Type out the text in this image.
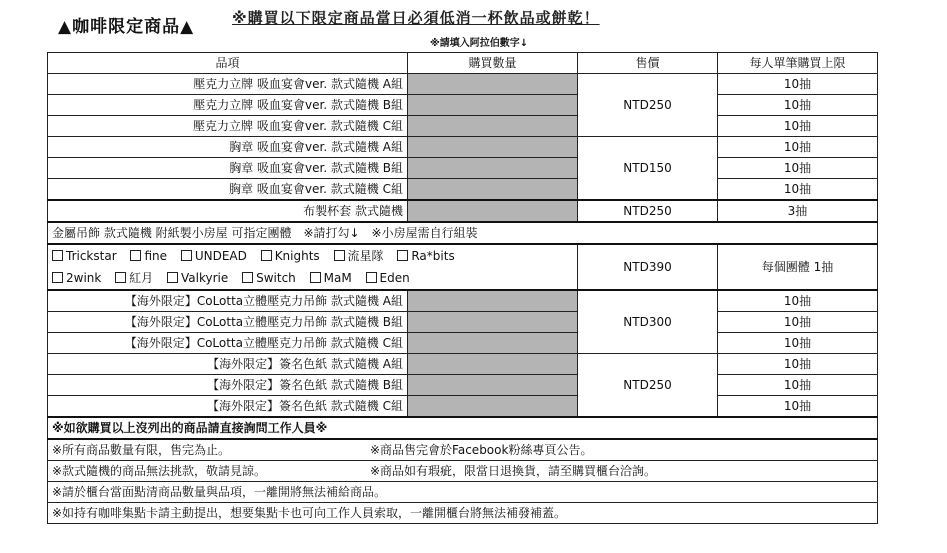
▲咖啡限定商品▲	※購買以下限定商品當日必須低消一杯飲品或餅乾！
※請填入阿拉伯數字↓
品項	購買數量	售價	每人單筆購買上限
壓克力立牌 吸血宴會ver. 款式隨機 A組		NTD250	10抽
壓克力立牌 吸血宴會ver. 款式隨機 B組			10抽
壓克力立牌 吸血宴會ver. 款式隨機 C組			10抽
胸章 吸血宴會ver. 款式隨機 A組		NTD150	10抽
胸章 吸血宴會ver. 款式隨機 B組			10抽
胸章 吸血宴會ver. 款式隨機 C組			10抽
布製杯套 款式隨機		NTD250	3抽
金屬吊飾 款式隨機 附紙製小房屋 可指定團體　※請打勾↓　※小房屋需自行組裝			

Trickstar fine UNDEAD Knights 流星隊 Ra*bits
2wink 紅月 Valkyrie Switch MaM Eden		NTD390	每個團體 1抽
【海外限定】CoLotta立體壓克力吊飾 款式隨機 A組		NTD300	10抽
【海外限定】CoLotta立體壓克力吊飾 款式隨機 B組			10抽
【海外限定】CoLotta立體壓克力吊飾 款式隨機 C組			10抽
【海外限定】簽名色紙 款式隨機 A組		NTD250	10抽
【海外限定】簽名色紙 款式隨機 B組			10抽
【海外限定】簽名色紙 款式隨機 C組			10抽
※如欲購買以上沒列出的商品請直接詢問工作人員※			
※所有商品數量有限，售完為止。 ※商品售完會於Facebook粉絲專頁公告。			
※款式隨機的商品無法挑款，敬請見諒。 ※商品如有瑕疵，限當日退換貨，請至購買櫃台洽詢。			
※請於櫃台當面點清商品數量與品項，一離開將無法補給商品。			
※如持有咖啡集點卡請主動提出，想要集點卡也可向工作人員索取，一離開櫃台將無法補發補蓋。			
